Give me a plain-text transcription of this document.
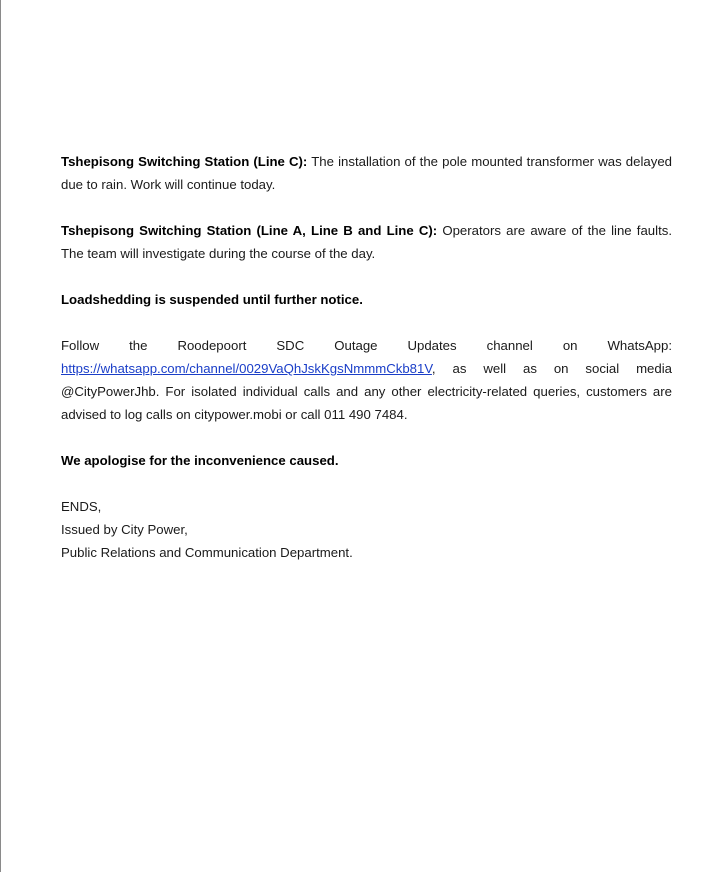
Tshepisong Switching Station (Line C): The installation of the pole mounted transformer was delayed due to rain. Work will continue today.

Tshepisong Switching Station (Line A, Line B and Line C): Operators are aware of the line faults. The team will investigate during the course of the day.

Loadshedding is suspended until further notice.

Follow the Roodepoort SDC Outage Updates channel on WhatsApp: https://whatsapp.com/channel/0029VaQhJskKgsNmmmCkb81V, as well as on social media @CityPowerJhb. For isolated individual calls and any other electricity-related queries, customers are advised to log calls on citypower.mobi or call 011 490 7484.

We apologise for the inconvenience caused.

ENDS,
Issued by City Power,
Public Relations and Communication Department.
